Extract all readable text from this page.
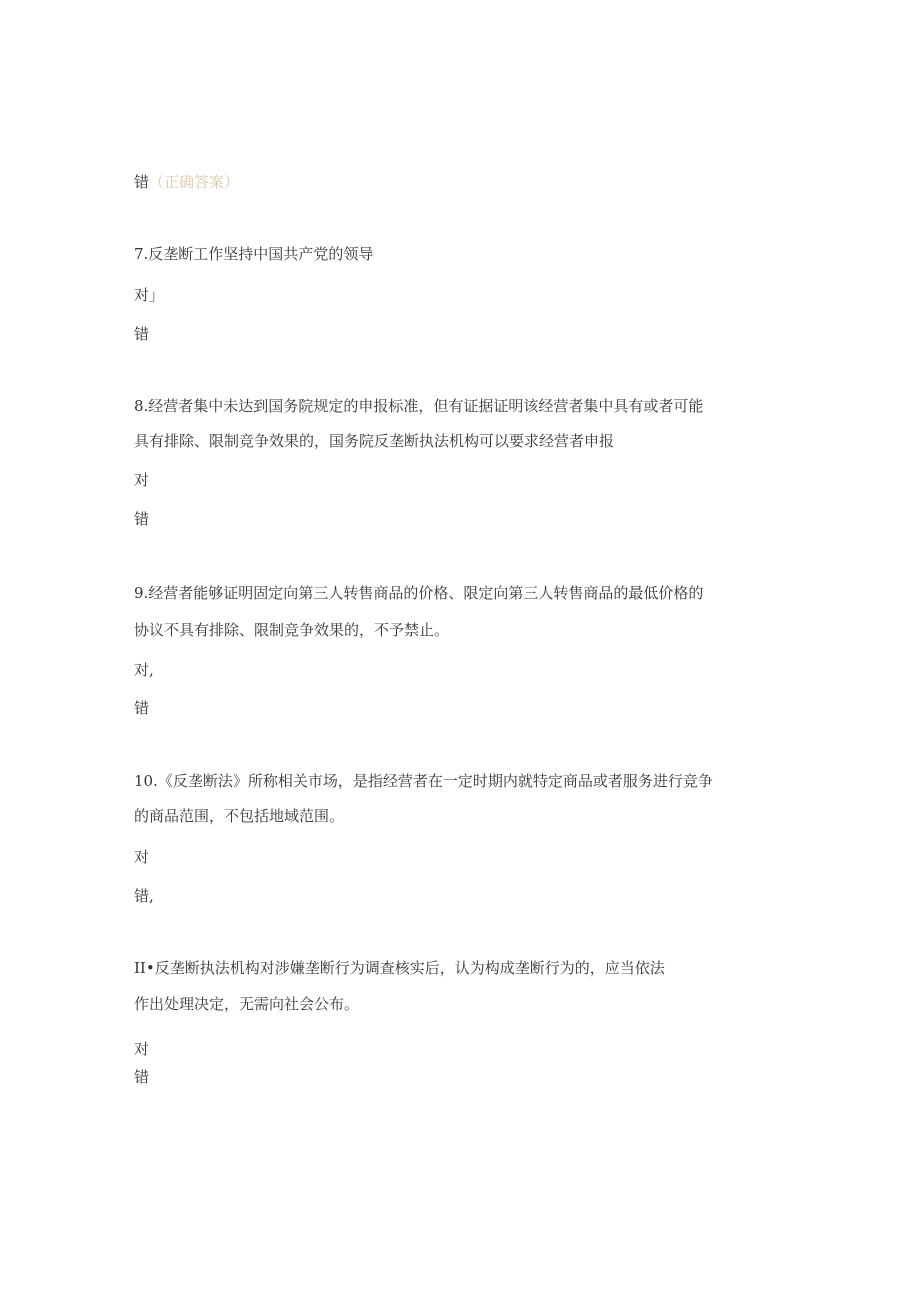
错（正确答案）
7.反垄断工作坚持中国共产党的领导
对」
错
8.经营者集中未达到国务院规定的申报标准，但有证据证明该经营者集中具有或者可能
具有排除、限制竞争效果的，国务院反垄断执法机构可以要求经营者申报
对
错
9.经营者能够证明固定向第三人转售商品的价格、限定向第三人转售商品的最低价格的
协议不具有排除、限制竞争效果的，不予禁止。
对,
错
10.《反垄断法》所称相关市场，是指经营者在一定时期内就特定商品或者服务进行竞争
的商品范围，不包括地域范围。
对
错,
II•反垄断执法机构对涉嫌垄断行为调查核实后，认为构成垄断行为的，应当依法
作出处理决定，无需向社会公布。
对
错
